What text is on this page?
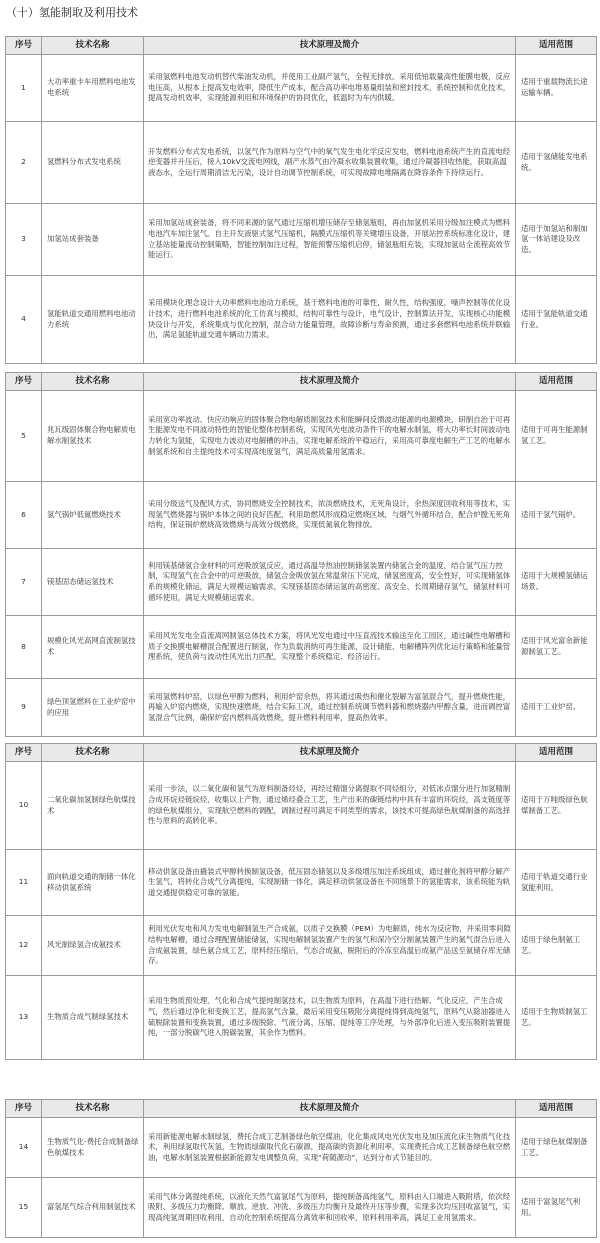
（十）氢能制取及利用技术
序号	技术名称	技术原理及简介	适用范围
1	大功率重卡车用燃料电池发电系统	采用氢燃料电池发动机替代柴油发动机，并使用工业副产氢气，全程无排放。采用低铂载量高性能膜电极，反应电压高，从根本上提高发电效率，降低生产成本，配合高功率电堆易量组装和密封技术，系统控制和优化技术，提高发动机效率，实现能源利用和环境保护的协同优化，低温时为车内供暖。	适用于重载物流长途运输车辆。
2	氢燃料分布式发电系统	开发燃料分布式发电系统，以氢气作为原料与空气中的氧气发生电化学反应发电，燃料电池系统产生的直流电经逆变器并升压后，接入10kV交流电网线，副产水蒸气由冷凝水收集装置收集，通过冷凝器回收热能，获取高温液态水，全运行周期清洁无污染，设计自动调节控制系统，可实现故障电堆隔离在降容条件下持续运行。	适用于氢储能发电系统。
3	加氢站成套装备	采用加氢站成套装备，将不同来源的氢气通过压缩机增压储存至储氢瓶组，再由加氢机采用分级加注模式为燃料电池汽车加注氢气。自主开发液驱式氢气压缩机，隔膜式压缩机等关键增压设备，开展站控系统标准化设计，建立基站能量流动控制策略，智能控制加注过程，智能预警压缩机启停，储氢瓶组充装，实现加氢站全流程高效节能运行。	适用于加氢站和制加氢一体站建设及改造。
4	氢能轨道交通用燃料电池动力系统	采用模块化理念设计大功率燃料电池动力系统，基于燃料电池的可靠性，耐久性，结构强度，噪声控制等优化设计技术，进行燃料电池系统的化工仿真与模拟，结构可靠性与设计，电气设计，控制算法开发，实现核心功能模块设计与开发，系统集成与优化控制，混合动力能量管理，故障诊断与寿命预测，通过多套燃料电池系统并联输出，满足氢能轨道交通车辆动力需求。	适用于氢能轨道交通行业。
序号	技术名称	技术原理及简介	适用范围
5	兆瓦级固体聚合物电解质电解水制氢技术	采用宽功率波动、快应动响应的固体聚合物电解质制氢技术和能瞬间反馈波动能源的电源模块，研制自治于可再生能源发电不同波动特性的智能化整体控制系统，实现风光电波动条件下的电解水制氢，将大功率长时间波动电力转化为氢能，实现电力波动对电解槽的冲击，实现电解系统的平稳运行，采用高可靠度电解生产工艺的电解水制氢系统和自主提纯技术可实现高纯度氢气，满足高质量用氢需求。	适用于可再生能源制氢工艺。
6	氢气锅炉低氮燃烧技术	采用分级送气及配风方式，协同燃烧安全控制技术，浓淡燃烧技术，无死角设计，余热深度回收利用等技术，实现氢气燃烧器与锅炉本体之间的良好匹配，利用助燃风形成稳定燃烧区域，与烟气外循环结合，配合炉膛无死角结构，保证锅炉燃烧高效燃烧与高效分级燃烧，实现低氮氧化物排放。	适用于氢气锅炉。
7	镁基固态储运氢技术	利用镁基储氢合金材料的可逆吸放氢反应，通过高温导热油控制储氢装置内储氢合金的温度，结合氢气压力控制，实现氢气在合金中的可逆吸放，储氢合金吸放氢在常温常压下完成，储氢密度高，安全性好，可实现储氢体系的规模化储运，满足大规模运输需求，实现镁基固态储运氢的高密度、高安全、长周期储存氢气，储氢材料可循环使用，满足大规模储运需求。	适用于大规模氢储运场景。
8	规模化风光高网直流制氢技术	采用风光发电全直流离网制氢总体技术方案，将风光发电通过中压直流技术输送至化工园区，通过碱性电解槽和质子交换膜电解槽混合配置进行制氢，作为负载消纳可再生能源，设计储能、电解槽阵列优化运行策略和能量管理系统，使负荷与波动性风光出力匹配，实现整个系统稳定、经济运行。	适用于风光富余新能源制氢工艺。
9	绿色顶氢燃料在工业炉窑中的应用	采用氢燃料炉窑，以绿色甲醇为燃料，利用炉窑余热，将其通过吸热和催化裂解为富氢混合气，提升燃烧性能，再输入炉窑内燃烧，实现快速燃烧，结合实际工况，通过控制系统调节燃料器和燃烧器内甲醇含量，进而调控富氢混合气比例，确保炉窑内燃料高效燃烧，提升燃料利用率，提高热效率。	适用于工业炉窑。
序号	技术名称	技术原理及简介	适用范围
10	二氧化碳加氢制绿色航煤技术	采用一步法，以二氧化碳和氢气为原料制备烃烃，再经过精馏分离提取不同烃组分，对低冰点馏分进行加氢精制合成环烷烃链烷烃，收集以上产物，通过烯烃叠合工艺，生产出来的碳链结构中具有丰富的环烷烃，高支链度等的绿色航煤组分，实现航空燃料的调配，调制过程可满足不同类型的需求，该技术可提高绿色航煤制备的高选择性与原料的高转化率。	适用于万吨级绿色航煤制备工艺。
11	面向轨道交通的制储一体化移动供氢系统	移动供氢设备由撬装式甲醇转换制氢设备，低压固态储氢以及多级增压加注系统组成，通过催化剂将甲醇分解产生氢气，将转化合成气分离提纯，实现制储一体化，满足移动供氢设备在不同场景下的氢能需求，该系统能为轨道交通提供稳定可靠的氢能。	适用于轨道交通行业氢能利用。
12	风光制绿氢合成氨技术	利用光伏发电和风力发电电解制氢生产合成氨，以质子交换膜（PEM）为电解质，纯水为反应物，并采用零间隙结构电解槽，通过合理配置储能储氢，实现电解制氢装置产生的氢气和深冷空分制氮装置产生的氮气混合后进入合成氨装置，绿色氨合成工艺，原料经压缩后，气态合成氨，脱附后的冷冻至高温后成氨产品送至氨储存库无储存。	适用于绿色制氨工艺。
13	生物质合成气制绿氢技术	采用生物质预处理、气化和合成气提纯制氢技术，以生物质为原料，在高温下进行热解、气化反应，产生合成气，然后通过净化和变换工艺，提高氢气含量，最后采用变压吸附分离提纯得到高纯氢气，原料气从除油器进入硫脱除装置和变换装置，通过多级脱除、气液分离、压缩、提纯等工序处理，与外部净化后进入变压吸附装置提纯，一部分脱碳气进入脱碳装置，其余作为燃料。	适用于生物质制氢工艺。
序号	技术名称	技术原理及简介	适用范围
14	生物质气化-费托合成制备绿色航煤技术	采用新能源电解水制绿氢，费托合成工艺制备绿色航空煤油，化化集成风电光伏发电及加压流化床生物质气化技术，利用绿氢取代灰氢，生物质绿碳取代化石碳源，提高碳的资源化利用率，实现费托合成工艺制备绿色航空燃油，电解水制氢装置根据新能源发电调整负荷，实现“荷随源动”，达到分布式节能目的。	适用于绿色航煤制备工艺。
15	富氢尾气综合利用制氢技术	采用气体分离提纯系统，以液化天然气富氢尾气为原料，提纯制备高纯氢气，原料由入口端进入吸附塔，依次经吸附、多级压力均衡降、顺放、逆放、冲洗、多级压力均衡升及最终升压等步骤，实现多次均压回收富氢气，实现高纯氢周期回收利用，自动化控制系统提高分离效率和回收率，原料利用率高，满足工业用氢需求。	适用于富氢尾气利用。
